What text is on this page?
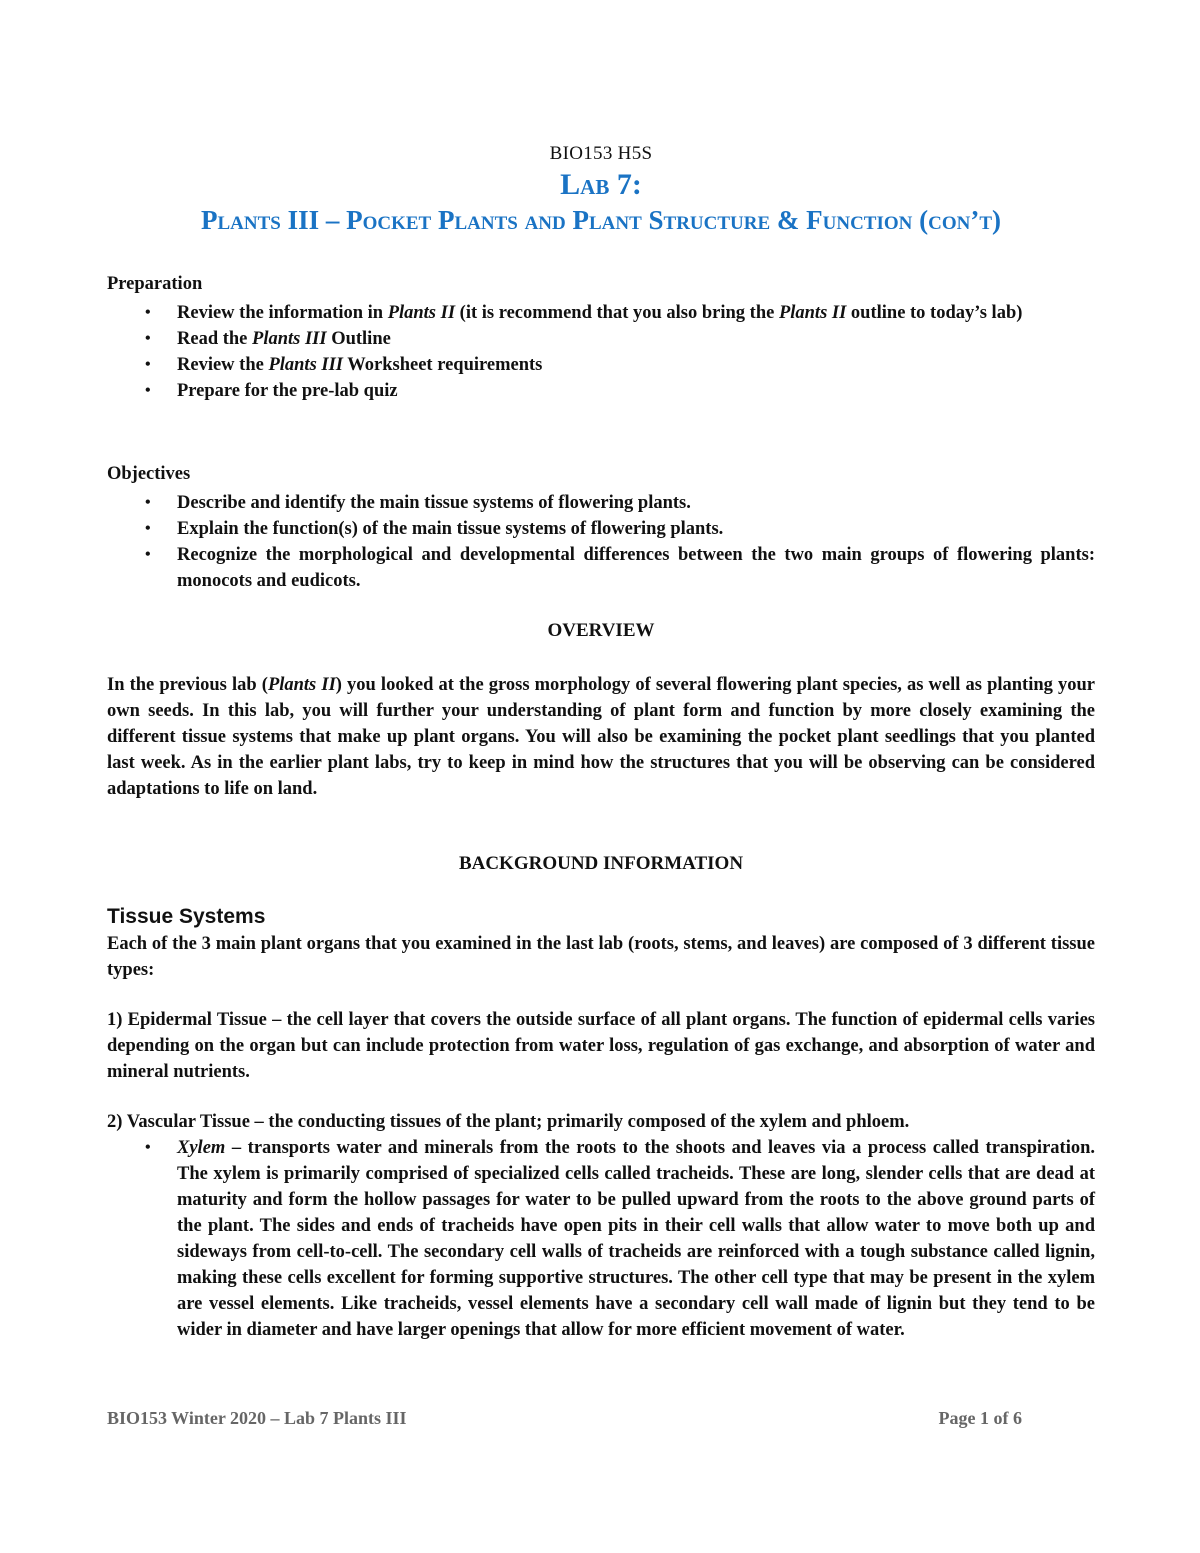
BIO153 H5S
Lab 7:
Plants III – Pocket Plants and Plant Structure & Function (con’t)
Preparation
• Review the information in Plants II (it is recommend that you also bring the Plants II outline to today’s lab)
• Read the Plants III Outline
• Review the Plants III Worksheet requirements
• Prepare for the pre-lab quiz
Objectives
• Describe and identify the main tissue systems of flowering plants.
• Explain the function(s) of the main tissue systems of flowering plants.
• Recognize the morphological and developmental differences between the two main groups of flowering plants: monocots and eudicots.
OVERVIEW
In the previous lab (Plants II) you looked at the gross morphology of several flowering plant species, as well as planting your own seeds. In this lab, you will further your understanding of plant form and function by more closely examining the different tissue systems that make up plant organs. You will also be examining the pocket plant seedlings that you planted last week. As in the earlier plant labs, try to keep in mind how the structures that you will be observing can be considered adaptations to life on land.
BACKGROUND INFORMATION
Tissue Systems
Each of the 3 main plant organs that you examined in the last lab (roots, stems, and leaves) are composed of 3 different tissue types:
1) Epidermal Tissue – the cell layer that covers the outside surface of all plant organs. The function of epidermal cells varies depending on the organ but can include protection from water loss, regulation of gas exchange, and absorption of water and mineral nutrients.
2) Vascular Tissue – the conducting tissues of the plant; primarily composed of the xylem and phloem.
• Xylem – transports water and minerals from the roots to the shoots and leaves via a process called transpiration. The xylem is primarily comprised of specialized cells called tracheids. These are long, slender cells that are dead at maturity and form the hollow passages for water to be pulled upward from the roots to the above ground parts of the plant. The sides and ends of tracheids have open pits in their cell walls that allow water to move both up and sideways from cell-to-cell. The secondary cell walls of tracheids are reinforced with a tough substance called lignin, making these cells excellent for forming supportive structures. The other cell type that may be present in the xylem are vessel elements. Like tracheids, vessel elements have a secondary cell wall made of lignin but they tend to be wider in diameter and have larger openings that allow for more efficient movement of water.
BIO153 Winter 2020 – Lab 7 Plants III	Page 1 of 6
